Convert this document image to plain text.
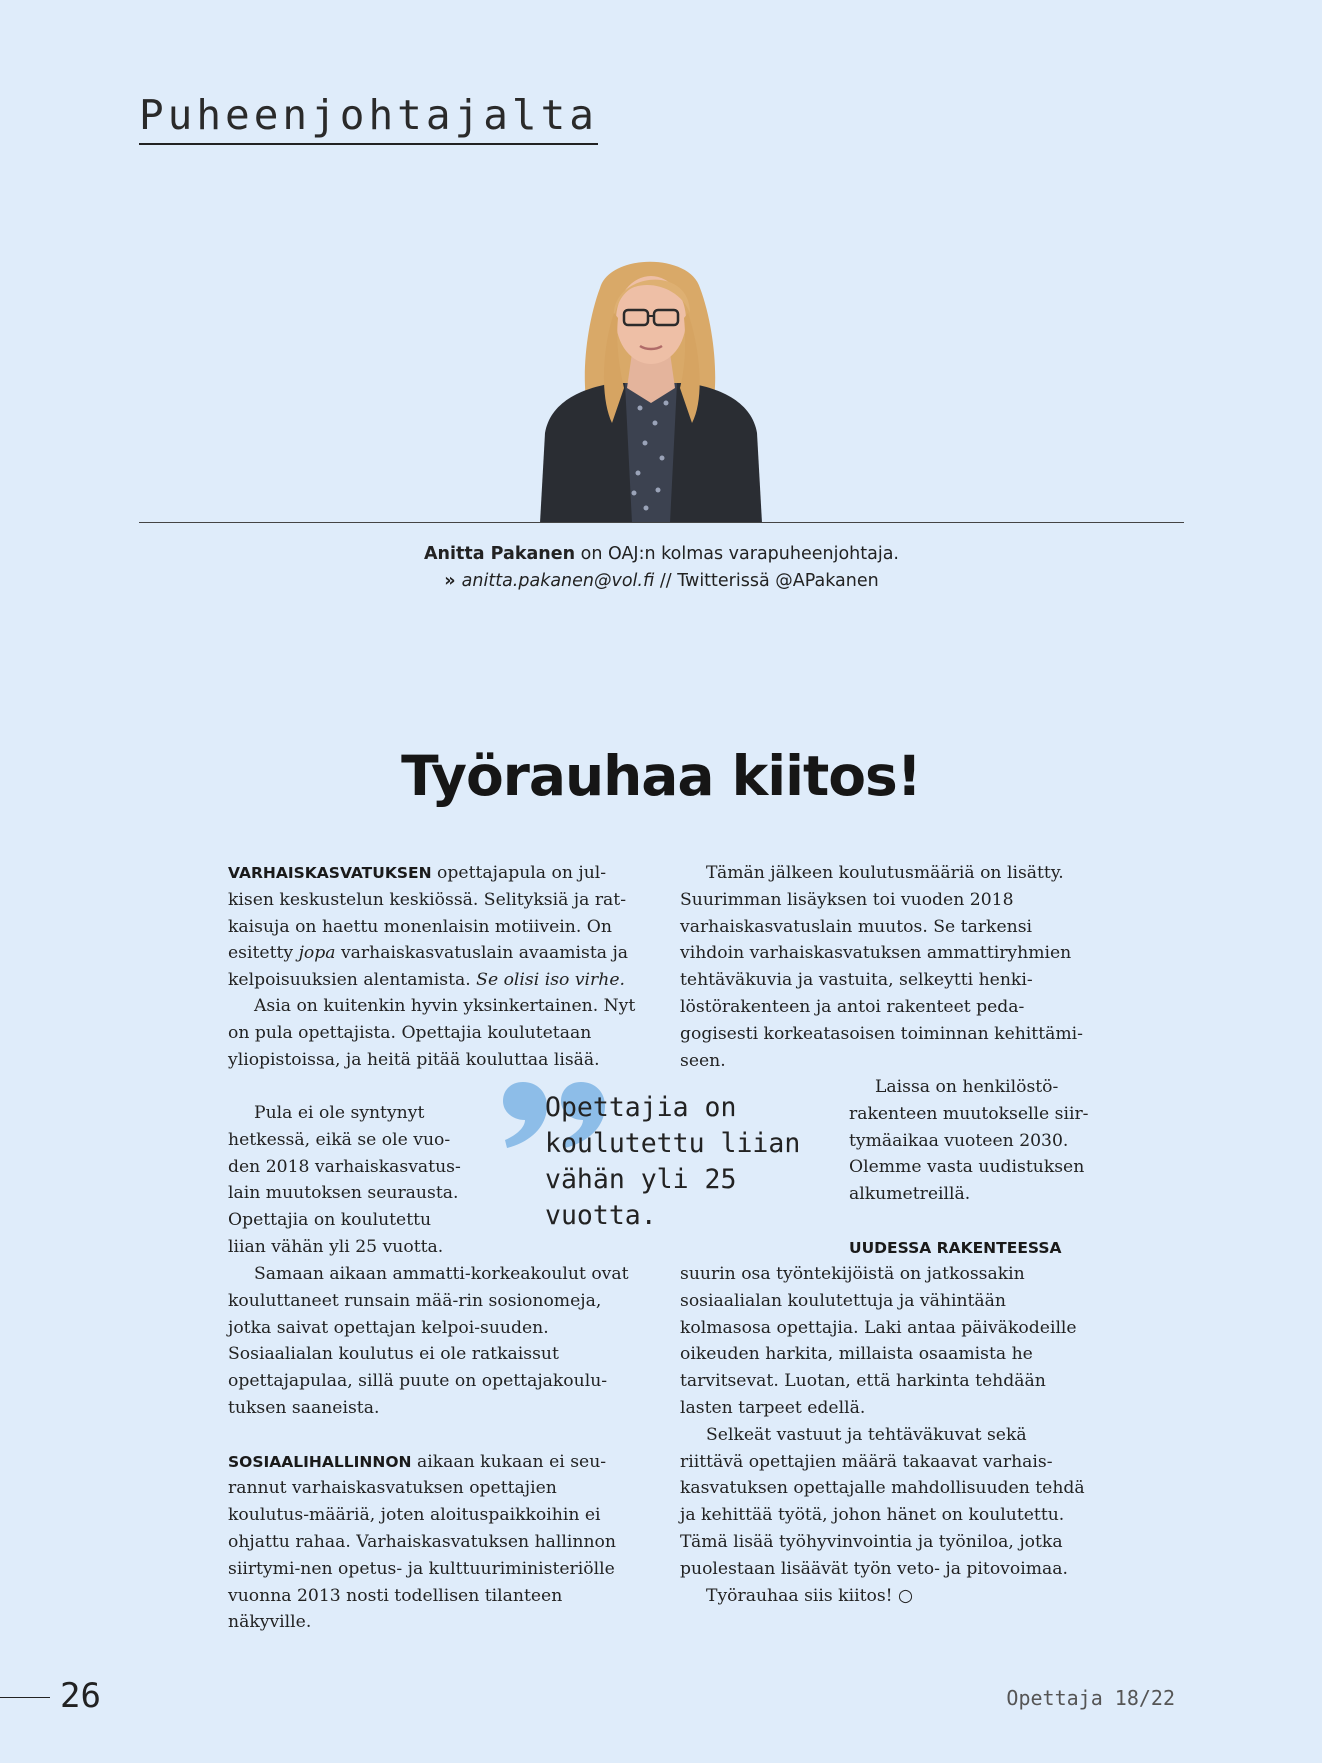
Puheenjohtajalta
Anitta Pakanen on OAJ:n kolmas varapuheenjohtaja.
» anitta.pakanen@vol.fi // Twitterissä @APakanen
Työrauhaa kiitos!

VARHAISKASVATUKSEN opettajapula on jul-kisen keskustelun keskiössä. Selityksiä ja rat-kaisuja on haettu monenlaisin motiivein. On esitetty jopa varhaiskasvatuslain avaamista ja kelpoisuuksien alentamista. Se olisi iso virhe.

Asia on kuitenkin hyvin yksinkertainen. Nyt on pula opettajista. Opettajia koulutetaan yliopistoissa, ja heitä pitää kouluttaa lisää.

Pula ei ole syntynyt hetkessä, eikä se ole vuo-den 2018 varhaiskasvatus-lain muutoksen seurausta. Opettajia on koulutettu liian vähän yli 25 vuotta.

Samaan aikaan ammatti-korkeakoulut ovat kouluttaneet runsain mää-rin sosionomeja, jotka saivat opettajan kelpoi-suuden. Sosiaalialan koulutus ei ole ratkaissut opettajapulaa, sillä puute on opettajakoulu-tuksen saaneista.

SOSIAALIHALLINNON aikaan kukaan ei seu-rannut varhaiskasvatuksen opettajien koulutus-määriä, joten aloituspaikkoihin ei ohjattu rahaa. Varhaiskasvatuksen hallinnon siirtymi-nen opetus- ja kulttuuriministeriölle vuonna 2013 nosti todellisen tilanteen näkyville.

Opettajia on koulutettu liian vähän yli 25 vuotta.

Tämän jälkeen koulutusmääriä on lisätty. Suurimman lisäyksen toi vuoden 2018 varhaiskasvatuslain muutos. Se tarkensi vihdoin varhaiskasvatuksen ammattiryhmien tehtäväkuvia ja vastuita, selkeytti henki-löstörakenteen ja antoi rakenteet peda-gogisesti korkeatasoisen toiminnan kehittämi-seen.

Laissa on henkilöstö-rakenteen muutokselle siir-tymäaikaa vuoteen 2030. Olemme vasta uudistuksen alkumetreillä.

UUDESSA RAKENTEESSA

suurin osa työntekijöistä on jatkossakin sosiaalialan koulutettuja ja vähintään kolmasosa opettajia. Laki antaa päiväkodeille oikeuden harkita, millaista osaamista he tarvitsevat. Luotan, että harkinta tehdään lasten tarpeet edellä.

Selkeät vastuut ja tehtäväkuvat sekä riittävä opettajien määrä takaavat varhais-kasvatuksen opettajalle mahdollisuuden tehdä ja kehittää työtä, johon hänet on koulutettu. Tämä lisää työhyvinvointia ja työniloa, jotka puolestaan lisäävät työn veto- ja pitovoimaa.

Työrauhaa siis kiitos! ○

26	Opettaja 18/22
